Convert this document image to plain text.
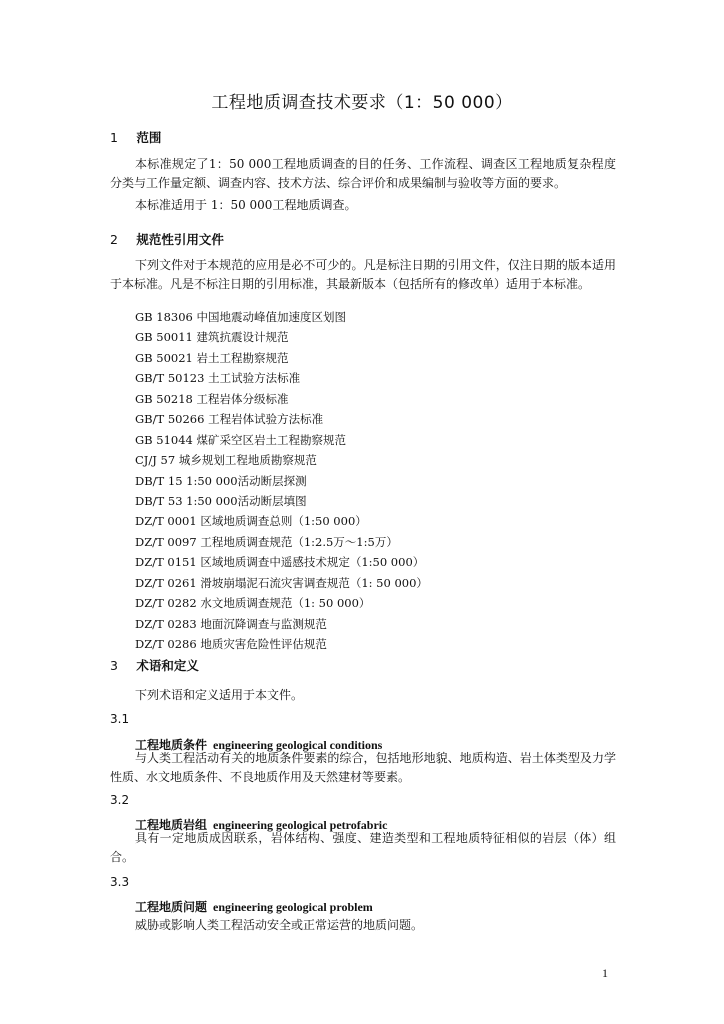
工程地质调查技术要求（1：50 000）
1 范围
本标准规定了1：50 000工程地质调查的目的任务、工作流程、调查区工程地质复杂程度分类与工作量定额、调查内容、技术方法、综合评价和成果编制与验收等方面的要求。
本标准适用于 1：50 000工程地质调查。
2 规范性引用文件
下列文件对于本规范的应用是必不可少的。凡是标注日期的引用文件，仅注日期的版本适用于本标准。凡是不标注日期的引用标准，其最新版本（包括所有的修改单）适用于本标准。
GB 18306 中国地震动峰值加速度区划图
GB 50011 建筑抗震设计规范
GB 50021 岩土工程勘察规范
GB/T 50123 土工试验方法标准
GB 50218 工程岩体分级标准
GB/T 50266 工程岩体试验方法标准
GB 51044 煤矿采空区岩土工程勘察规范
CJ/J 57 城乡规划工程地质勘察规范
DB/T 15 1:50 000活动断层探测
DB/T 53 1:50 000活动断层填图
DZ/T 0001 区域地质调查总则（1:50 000）
DZ/T 0097 工程地质调查规范（1:2.5万～1:5万）
DZ/T 0151 区域地质调查中遥感技术规定（1:50 000）
DZ/T 0261 滑坡崩塌泥石流灾害调查规范（1: 50 000）
DZ/T 0282 水文地质调查规范（1: 50 000）
DZ/T 0283 地面沉降调查与监测规范
DZ/T 0286 地质灾害危险性评估规范
3 术语和定义
下列术语和定义适用于本文件。
3.1
工程地质条件 engineering geological conditions
与人类工程活动有关的地质条件要素的综合，包括地形地貌、地质构造、岩土体类型及力学性质、水文地质条件、不良地质作用及天然建材等要素。
3.2
工程地质岩组 engineering geological petrofabric
具有一定地质成因联系，岩体结构、强度、建造类型和工程地质特征相似的岩层（体）组合。
3.3
工程地质问题 engineering geological problem
威胁或影响人类工程活动安全或正常运营的地质问题。
1
